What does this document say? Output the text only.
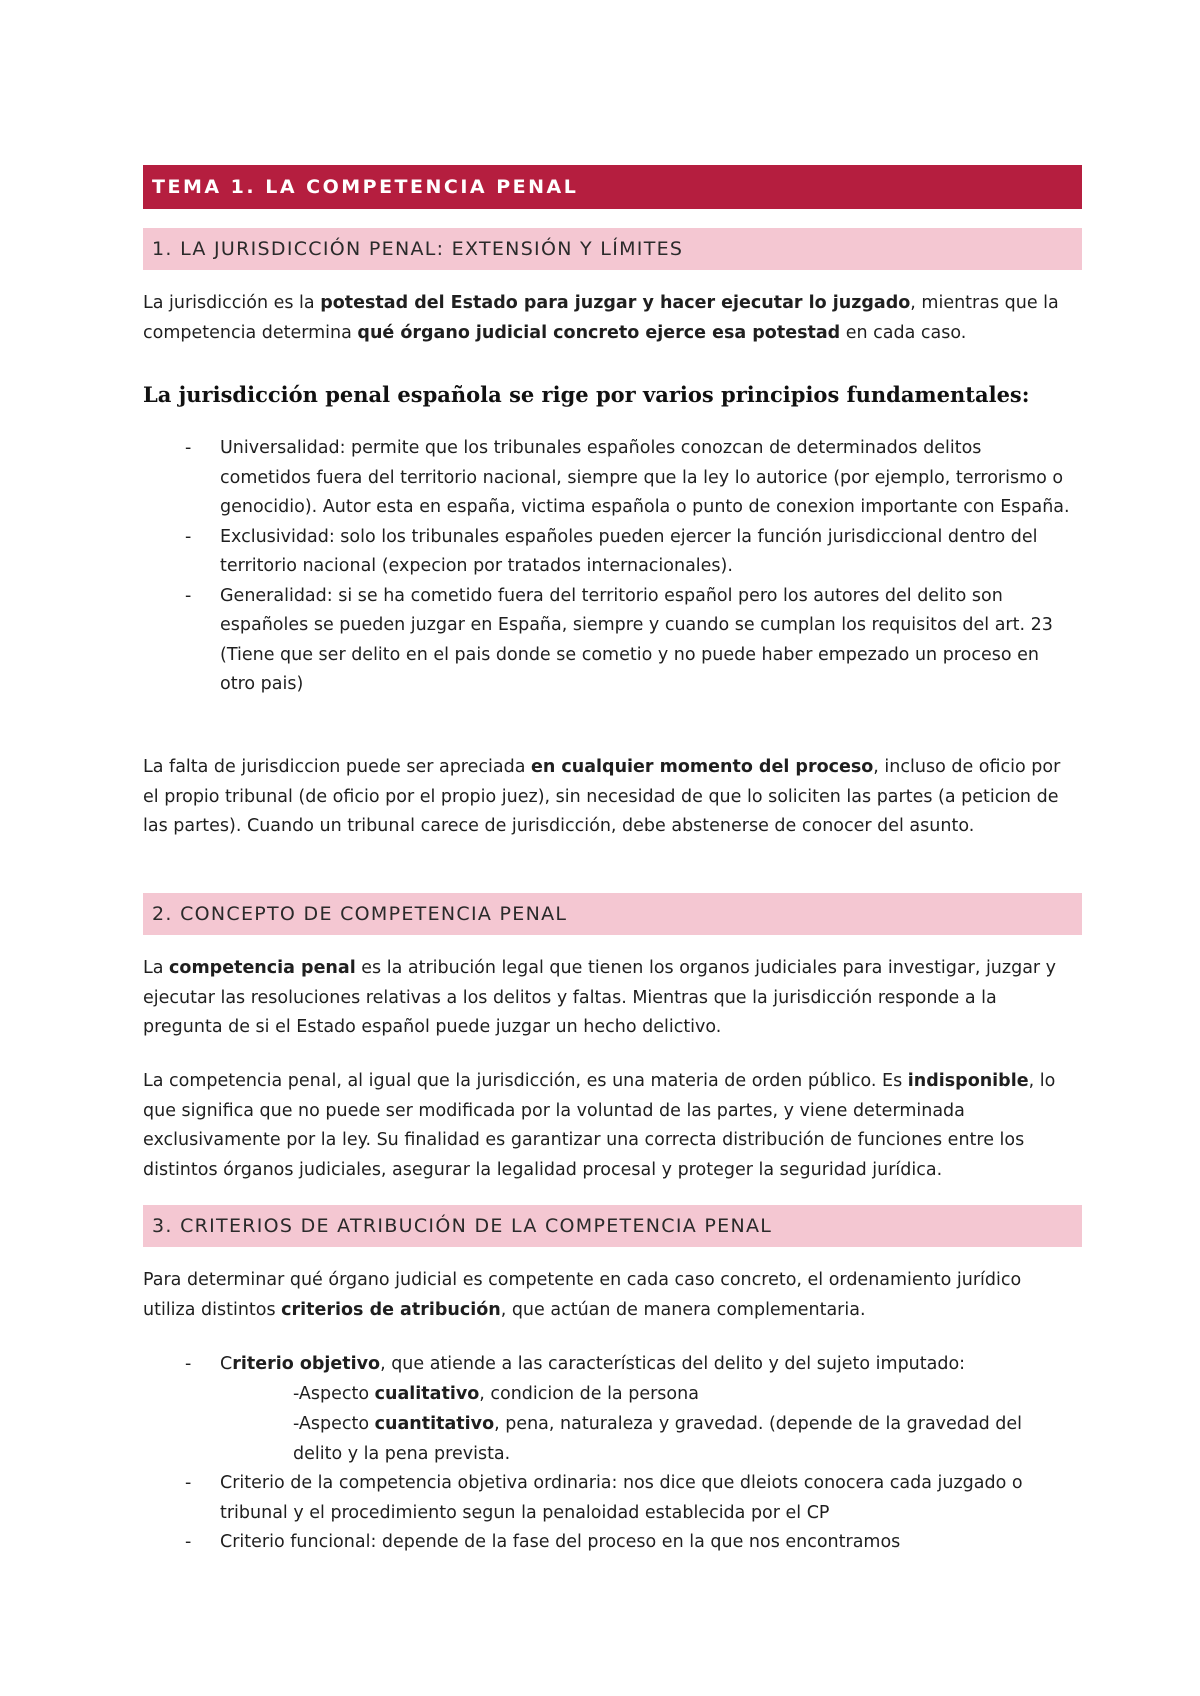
TEMA 1. LA COMPETENCIA PENAL
1. LA JURISDICCIÓN PENAL: EXTENSIÓN Y LÍMITES

La jurisdicción es la potestad del Estado para juzgar y hacer ejecutar lo juzgado, mientras que la competencia determina qué órgano judicial concreto ejerce esa potestad en cada caso.

La jurisdicción penal española se rige por varios principios fundamentales:

- Universalidad: permite que los tribunales españoles conozcan de determinados delitos cometidos fuera del territorio nacional, siempre que la ley lo autorice (por ejemplo, terrorismo o genocidio). Autor esta en españa, victima española o punto de conexion importante con España.
- Exclusividad: solo los tribunales españoles pueden ejercer la función jurisdiccional dentro del territorio nacional (expecion por tratados internacionales).
- Generalidad: si se ha cometido fuera del territorio español pero los autores del delito son españoles se pueden juzgar en España, siempre y cuando se cumplan los requisitos del art. 23 (Tiene que ser delito en el pais donde se cometio y no puede haber empezado un proceso en otro pais)

La falta de jurisdiccion puede ser apreciada en cualquier momento del proceso, incluso de oficio por el propio tribunal (de oficio por el propio juez), sin necesidad de que lo soliciten las partes (a peticion de las partes). Cuando un tribunal carece de jurisdicción, debe abstenerse de conocer del asunto.

2. CONCEPTO DE COMPETENCIA PENAL

La competencia penal es la atribución legal que tienen los organos judiciales para investigar, juzgar y ejecutar las resoluciones relativas a los delitos y faltas. Mientras que la jurisdicción responde a la pregunta de si el Estado español puede juzgar un hecho delictivo.

La competencia penal, al igual que la jurisdicción, es una materia de orden público. Es indisponible, lo que significa que no puede ser modificada por la voluntad de las partes, y viene determinada exclusivamente por la ley. Su finalidad es garantizar una correcta distribución de funciones entre los distintos órganos judiciales, asegurar la legalidad procesal y proteger la seguridad jurídica.

3. CRITERIOS DE ATRIBUCIÓN DE LA COMPETENCIA PENAL

Para determinar qué órgano judicial es competente en cada caso concreto, el ordenamiento jurídico utiliza distintos criterios de atribución, que actúan de manera complementaria.

- Criterio objetivo, que atiende a las características del delito y del sujeto imputado:

-Aspecto cualitativo, condicion de la persona

-Aspecto cuantitativo, pena, naturaleza y gravedad. (depende de la gravedad del delito y la pena prevista.

- Criterio de la competencia objetiva ordinaria: nos dice que dleiots conocera cada juzgado o tribunal y el procedimiento segun la penaloidad establecida por el CP
- Criterio funcional: depende de la fase del proceso en la que nos encontramos
